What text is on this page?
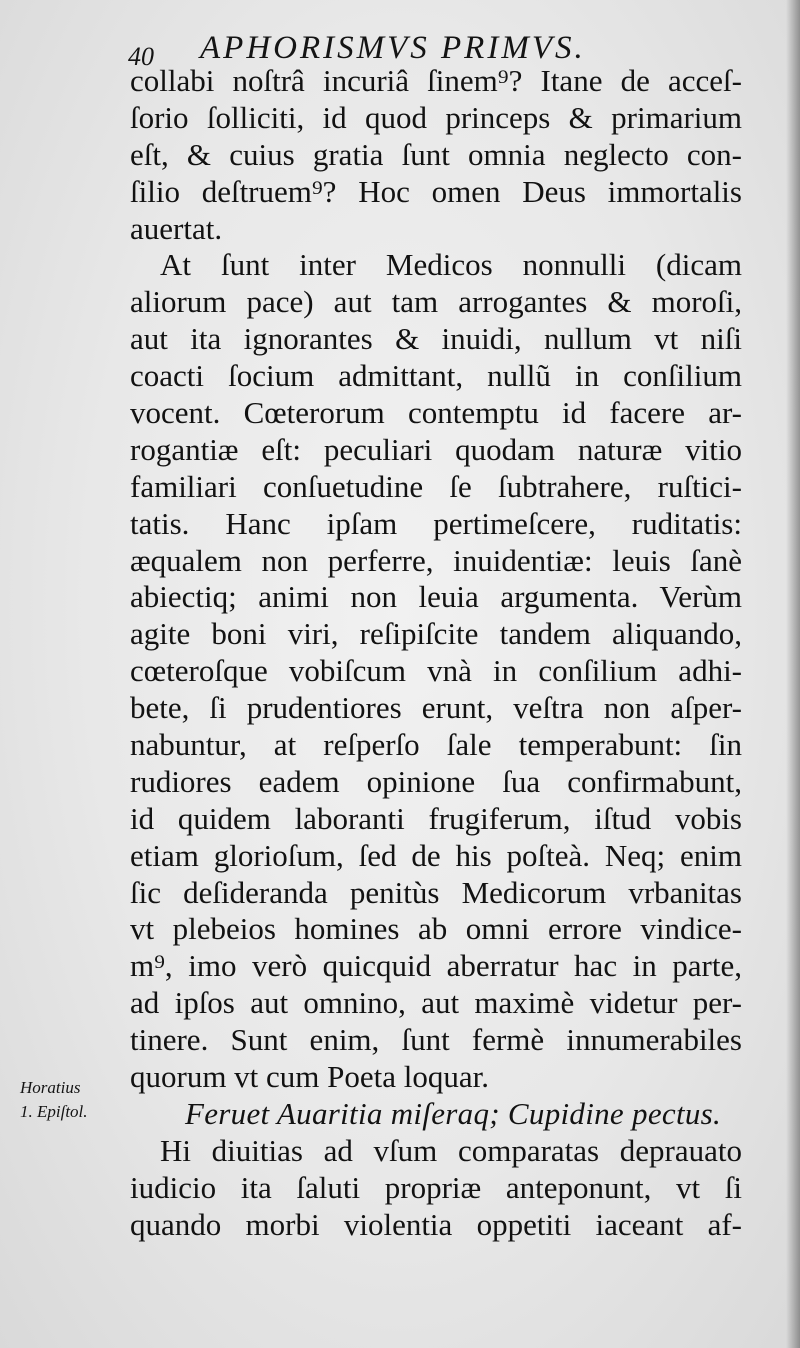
40 APHORISMVS PRIMVS.
collabi noſtrâ incuriâ ſinem⁹? Itane de acceſ-
ſorio ſolliciti, id quod princeps & primarium
eſt, & cuius gratia ſunt omnia neglecto con-
ſilio deſtruem⁹? Hoc omen Deus immortalis
auertat.
At ſunt inter Medicos nonnulli (dicam
aliorum pace) aut tam arrogantes & moroſi,
aut ita ignorantes & inuidi, nullum vt niſi
coacti ſocium admittant, nullũ in conſilium
vocent. Cœterorum contemptu id facere ar-
rogantiæ eſt: peculiari quodam naturæ vitio
familiari conſuetudine ſe ſubtrahere, ruſtici-
tatis. Hanc ipſam pertimeſcere, ruditatis:
æqualem non perferre, inuidentiæ: leuis ſanè
abiectiq; animi non leuia argumenta. Verùm
agite boni viri, reſipiſcite tandem aliquando,
cœteroſque vobiſcum vnà in conſilium adhi-
bete, ſi prudentiores erunt, veſtra non aſper-
nabuntur, at reſperſo ſale temperabunt: ſin
rudiores eadem opinione ſua confirmabunt,
id quidem laboranti frugiferum, iſtud vobis
etiam glorioſum, ſed de his poſteà. Neq; enim
ſic deſideranda penitùs Medicorum vrbanitas
vt plebeios homines ab omni errore vindice-
m⁹, imo verò quicquid aberratur hac in parte,
ad ipſos aut omnino, aut maximè videtur per-
tinere. Sunt enim, ſunt fermè innumerabiles
quorum vt cum Poeta loquar.
Feruet Auaritia miſeraq; Cupidine pectus.
Hi diuitias ad vſum comparatas deprauato
iudicio ita ſaluti propriæ anteponunt, vt ſi
quando morbi violentia oppetiti iaceant af-
Horatius
1. Epiſtol.
